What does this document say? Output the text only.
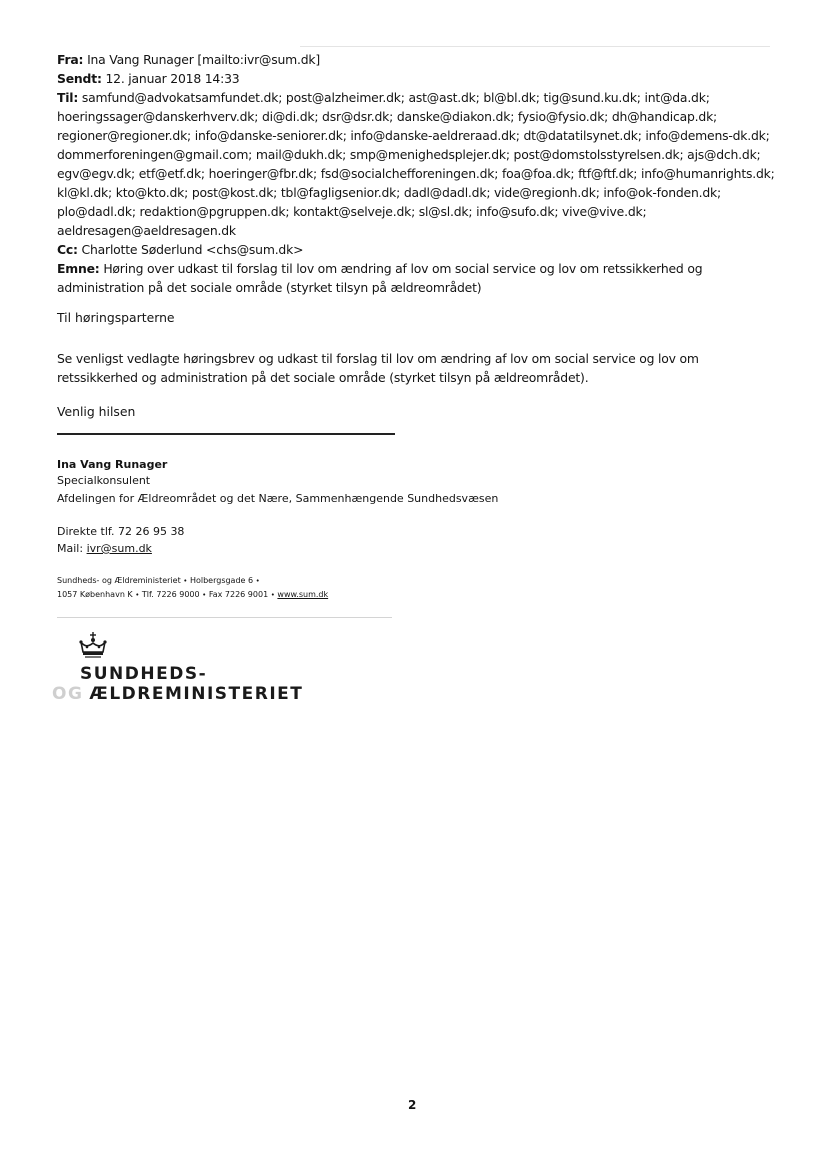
Fra: Ina Vang Runager [mailto:ivr@sum.dk]

Sendt: 12. januar 2018 14:33

Til: samfund@advokatsamfundet.dk; post@alzheimer.dk; ast@ast.dk; bl@bl.dk; tig@sund.ku.dk; int@da.dk; hoeringssager@danskerhverv.dk; di@di.dk; dsr@dsr.dk; danske@diakon.dk; fysio@fysio.dk; dh@handicap.dk; regioner@regioner.dk; info@danske-seniorer.dk; info@danske-aeldreraad.dk; dt@datatilsynet.dk; info@demens-dk.dk; dommerforeningen@gmail.com; mail@dukh.dk; smp@menighedsplejer.dk; post@domstolsstyrelsen.dk; ajs@dch.dk; egv@egv.dk; etf@etf.dk; hoeringer@fbr.dk; fsd@socialchefforeningen.dk; foa@foa.dk; ftf@ftf.dk; info@humanrights.dk; kl@kl.dk; kto@kto.dk; post@kost.dk; tbl@fagligsenior.dk; dadl@dadl.dk; vide@regionh.dk; info@ok-fonden.dk; plo@dadl.dk; redaktion@pgruppen.dk; kontakt@selveje.dk; sl@sl.dk; info@sufo.dk; vive@vive.dk; aeldresagen@aeldresagen.dk

Cc: Charlotte Søderlund <chs@sum.dk>

Emne: Høring over udkast til forslag til lov om ændring af lov om social service og lov om retssikkerhed og administration på det sociale område (styrket tilsyn på ældreområdet)

Til høringsparterne
Se venligst vedlagte høringsbrev og udkast til forslag til lov om ændring af lov om social service og lov om retssikkerhed og administration på det sociale område (styrket tilsyn på ældreområdet).
Venlig hilsen
Ina Vang Runager
Specialkonsulent
Afdelingen for Ældreområdet og det Nære, Sammenhængende Sundhedsvæsen
Direkte tlf. 72 26 95 38
Mail: ivr@sum.dk
Sundheds- og Ældreministeriet • Holbergsgade 6 •
1057 København K • Tlf. 7226 9000 • Fax 7226 9001 • www.sum.dk
SUNDHEDS-
OG ÆLDREMINISTERIET
2
